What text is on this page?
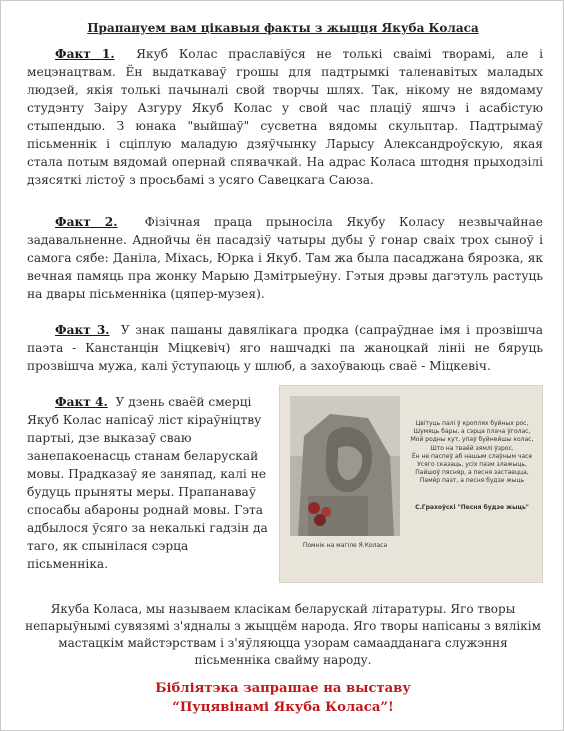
Прапануем вам цікавыя факты з жыцця Якуба Коласа
Факт 1. Якуб Колас праславіўся не толькі сваімі творамі, але і мецэнацтвам. Ён выдаткаваў грошы для падтрымкі таленавітых маладых людзей, якія толькі пачыналі свой творчы шлях. Так, нікому не вядомаму студэнту Заіру Азгуру Якуб Колас у свой час плаціў яшчэ і асабістую стыпендыю. З юнака "выйшаў" сусветна вядомы скульптар. Падтрымаў пісьменнік і сціплую маладую дзяўчынку Ларысу Александроўскую, якая стала потым вядомай опернай спявачкай. На адрас Коласа штодня прыходзілі дзясяткі лістоў з просьбамі з усяго Савецкага Саюза.
Факт 2. Фізічная праца прыносіла Якубу Коласу незвычайнае задавальненне. Аднойчы ён пасадзіў чатыры дубы ў гонар сваіх трох сыноў і самога сябе: Даніла, Міхась, Юрка і Якуб. Там жа была пасаджана бярозка, як вечная памяць пра жонку Марыю Дзмітрыеўну. Гэтыя дрэвы дагэтуль растуць на двары пісьменніка (цяпер-музея).
Факт 3. У знак пашаны давялікага продка (сапраўднае імя і прозвішча паэта - Канстанцін Міцкевіч) яго нашчадкі па жаноцкай лініі не бяруць прозвішча мужа, калі ўступаюць у шлюб, а захоўваюць сваё - Міцкевіч.
Факт 4. У дзень сваёй смерці Якуб Колас напісаў ліст кіраўніцтву партыі, дзе выказаў сваю занепакоенасць станам беларускай мовы. Прадказаў яе заняпад, калі не будуць прыняты меры. Прапанаваў спосабы абароны роднай мовы. Гэта адбылося ўсяго за некалькі гадзін да таго, як спынілася сэрца пісьменніка.
Помнік на магіле Я.Коласа
Цвітуць палі ў кроплях буйных рос,
Шумяць бары, а сэрца плача ўголас,
Мой родны кут, упаў буйнейшы колас,
Што на тваёй зямлі ўзрос.
Ён не паспеў аб нашым слаўным часе
Усяго сказаць, усіх пазм злажыць,
Пайшоў пясняр, а песня застаецца,
Памёр паэт, а песня будзе жыць
С.Грахоўскі "Песня будзе жыць"
Якуба Коласа, мы называем класікам беларускай літаратуры. Яго творы непарыўнымі сувязямі з'ядналы з жыццём народа. Яго творы напісаны з вялікім мастацкім майстэрствам і з'яўляюцца узорам самаадданага служэння пісьменніка свайму народу.
Бібліятэка запрашае на выставу
“Пуцявінамі Якуба Коласа”!
